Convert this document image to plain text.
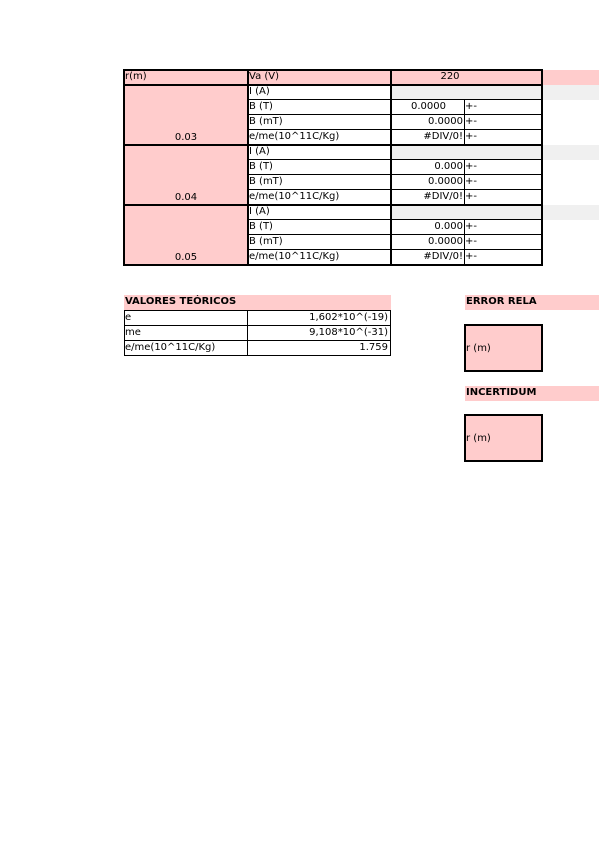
r(m)	Va (V)	220
0.03
I (A)
B (T)	0.0000	+-
B (mT)	0.0000 +-
e/me(10^11C/Kg)	#DIV/0! +-
0.04
I (A)
B (T)	0.000 +-
B (mT)	0.0000 +-
e/me(10^11C/Kg)	#DIV/0! +-
0.05
I (A)
B (T)	0.000 +-
B (mT)	0.0000 +-
e/me(10^11C/Kg)	#DIV/0! +-
VALORES TEÓRICOS
e	1,602*10^(-19)
me	9,108*10^(-31)
e/me(10^11C/Kg)	1.759
ERROR RELA
r (m)
INCERTIDUM
r (m)
